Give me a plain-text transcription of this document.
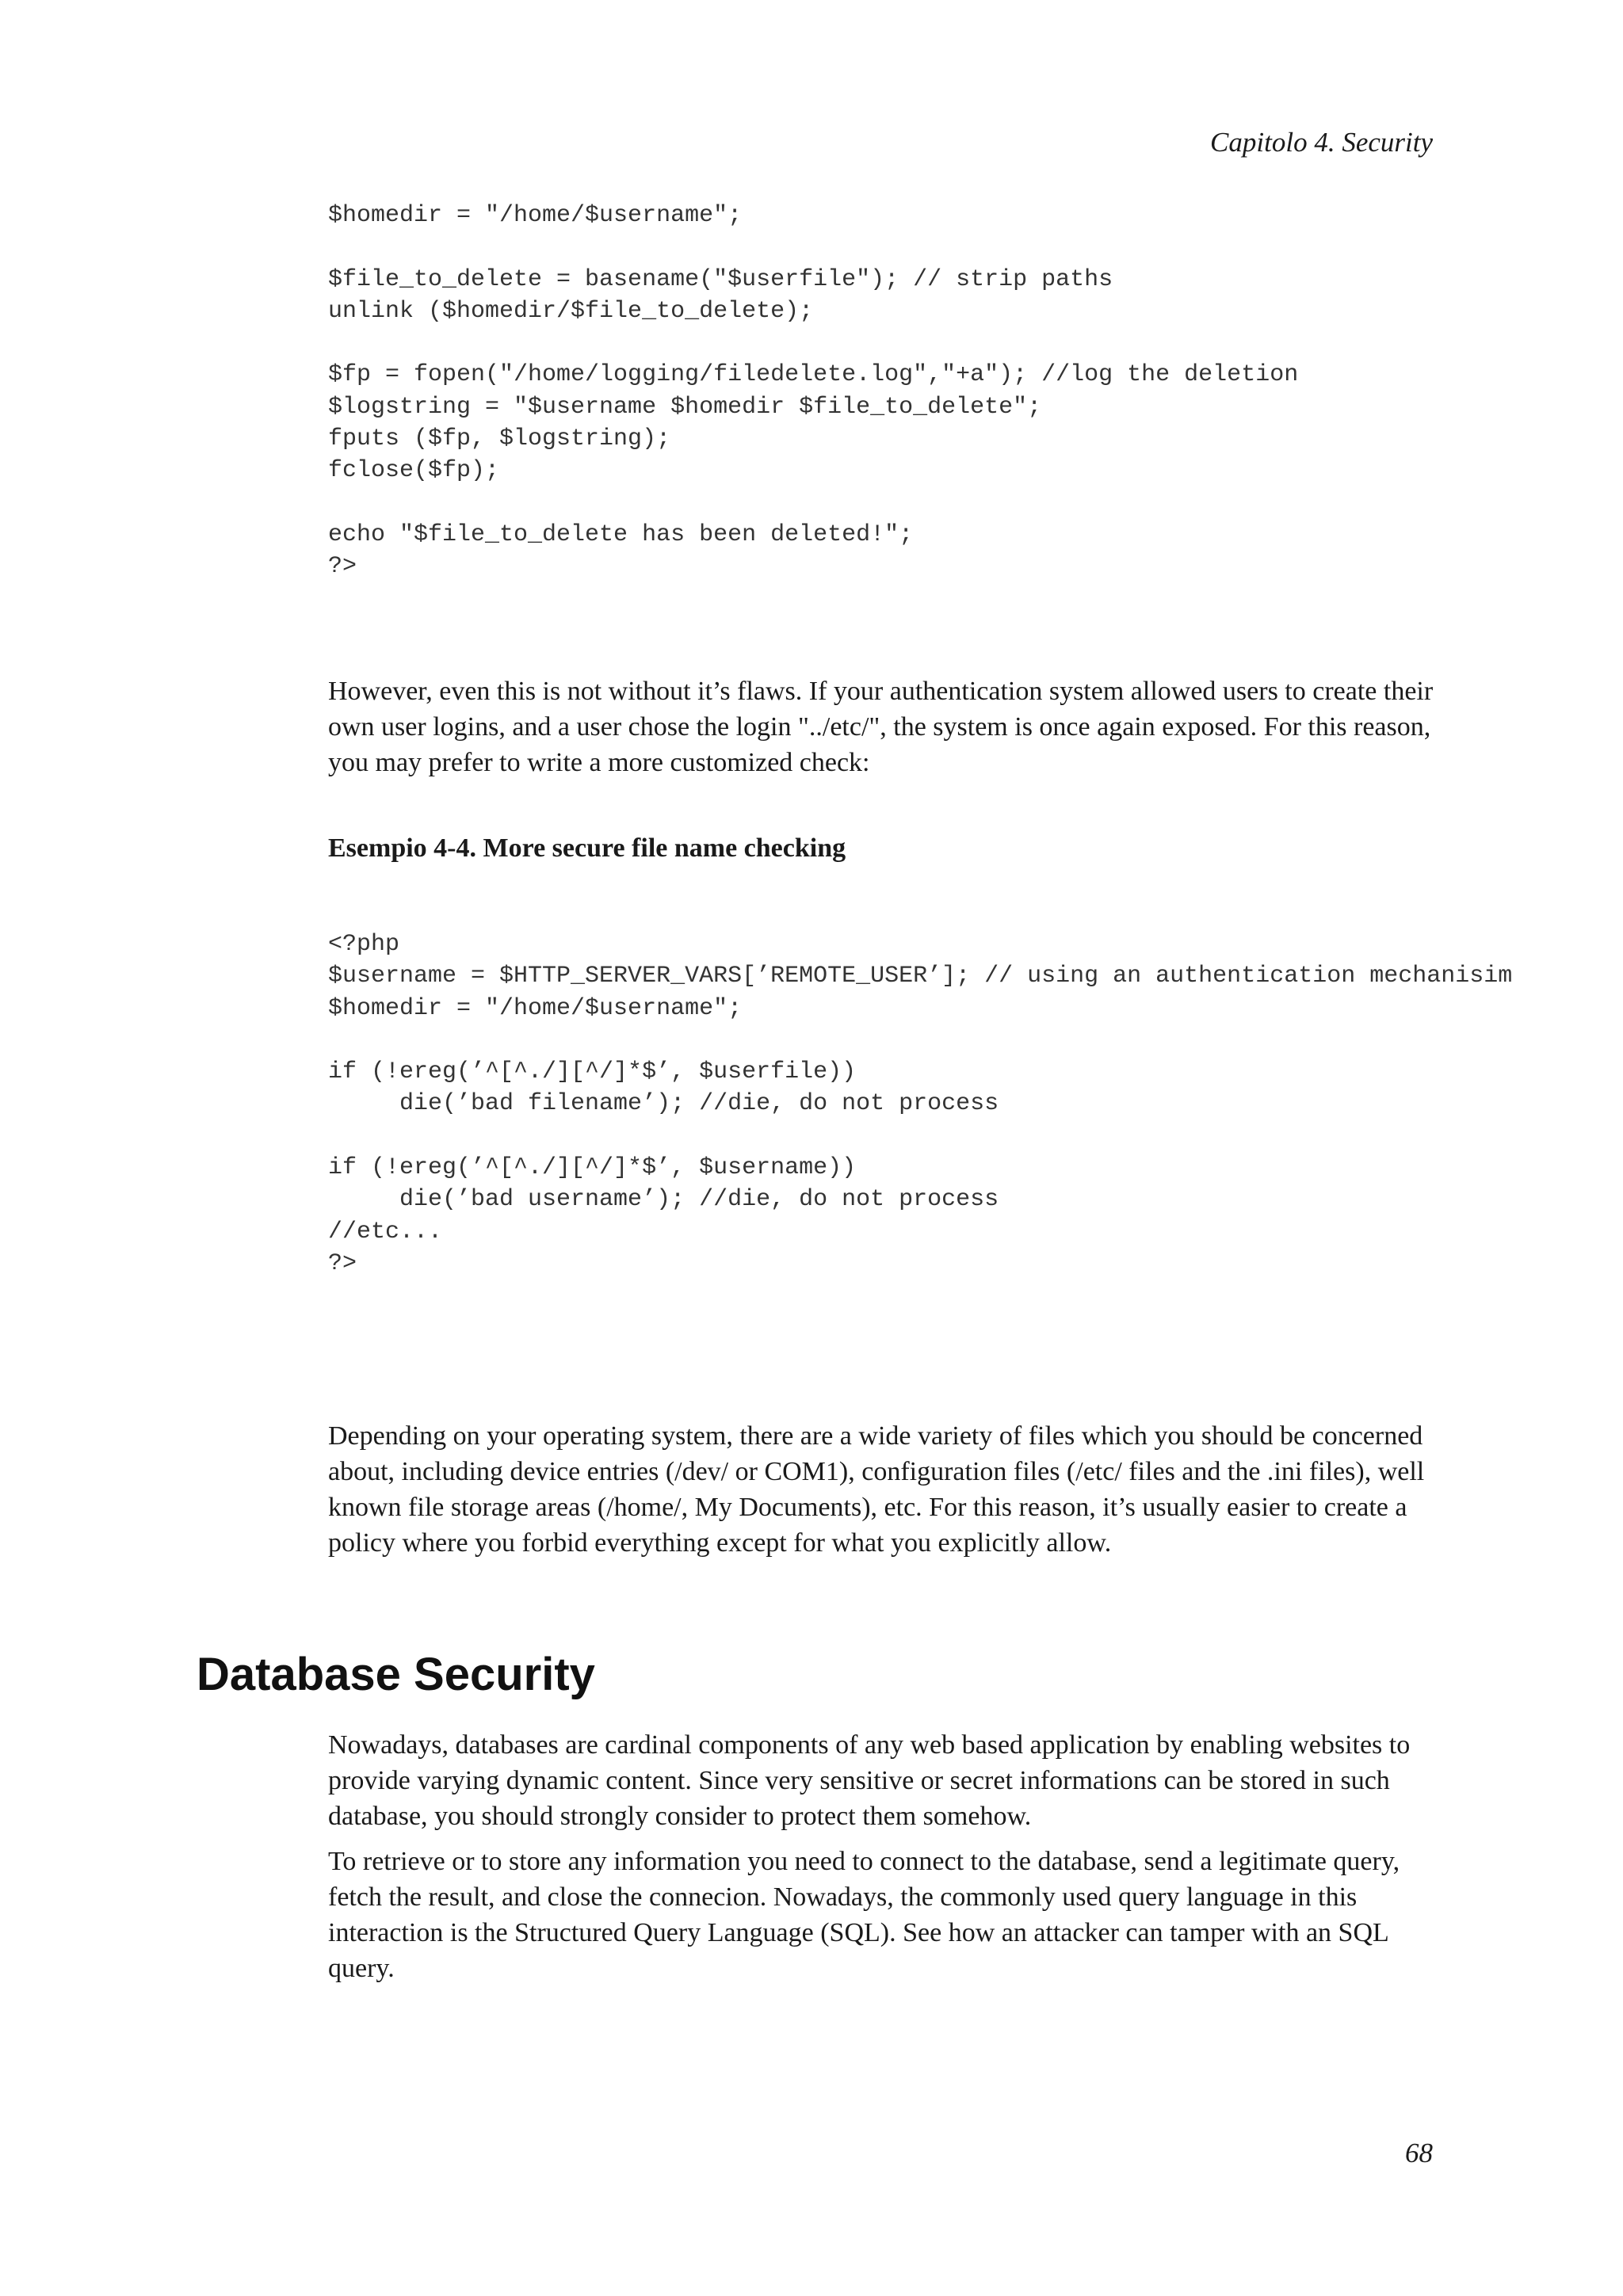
Capitolo 4. Security
$homedir = "/home/$username";

$file_to_delete = basename("$userfile"); // strip paths
unlink ($homedir/$file_to_delete);

$fp = fopen("/home/logging/filedelete.log","+a"); //log the deletion
$logstring = "$username $homedir $file_to_delete";
fputs ($fp, $logstring);
fclose($fp);

echo "$file_to_delete has been deleted!";
?>

However, even this is not without it’s flaws. If your authentication system allowed users to create their own user logins, and a user chose the login "../etc/", the system is once again exposed. For this reason, you may prefer to write a more customized check:

Esempio 4-4. More secure file name checking

<?php
$username = $HTTP_SERVER_VARS[’REMOTE_USER’]; // using an authentication mechanisim
$homedir = "/home/$username";

if (!ereg(’^[^./][^/]*$’, $userfile))
die(’bad filename’); //die, do not process

if (!ereg(’^[^./][^/]*$’, $username))
die(’bad username’); //die, do not process
//etc...
?>

Depending on your operating system, there are a wide variety of files which you should be concerned about, including device entries (/dev/ or COM1), configuration files (/etc/ files and the .ini files), well known file storage areas (/home/, My Documents), etc. For this reason, it’s usually easier to create a policy where you forbid everything except for what you explicitly allow.

Database Security

Nowadays, databases are cardinal components of any web based application by enabling websites to provide varying dynamic content. Since very sensitive or secret informations can be stored in such database, you should strongly consider to protect them somehow.

To retrieve or to store any information you need to connect to the database, send a legitimate query, fetch the result, and close the connecion. Nowadays, the commonly used query language in this interaction is the Structured Query Language (SQL). See how an attacker can tamper with an SQL query.

68
